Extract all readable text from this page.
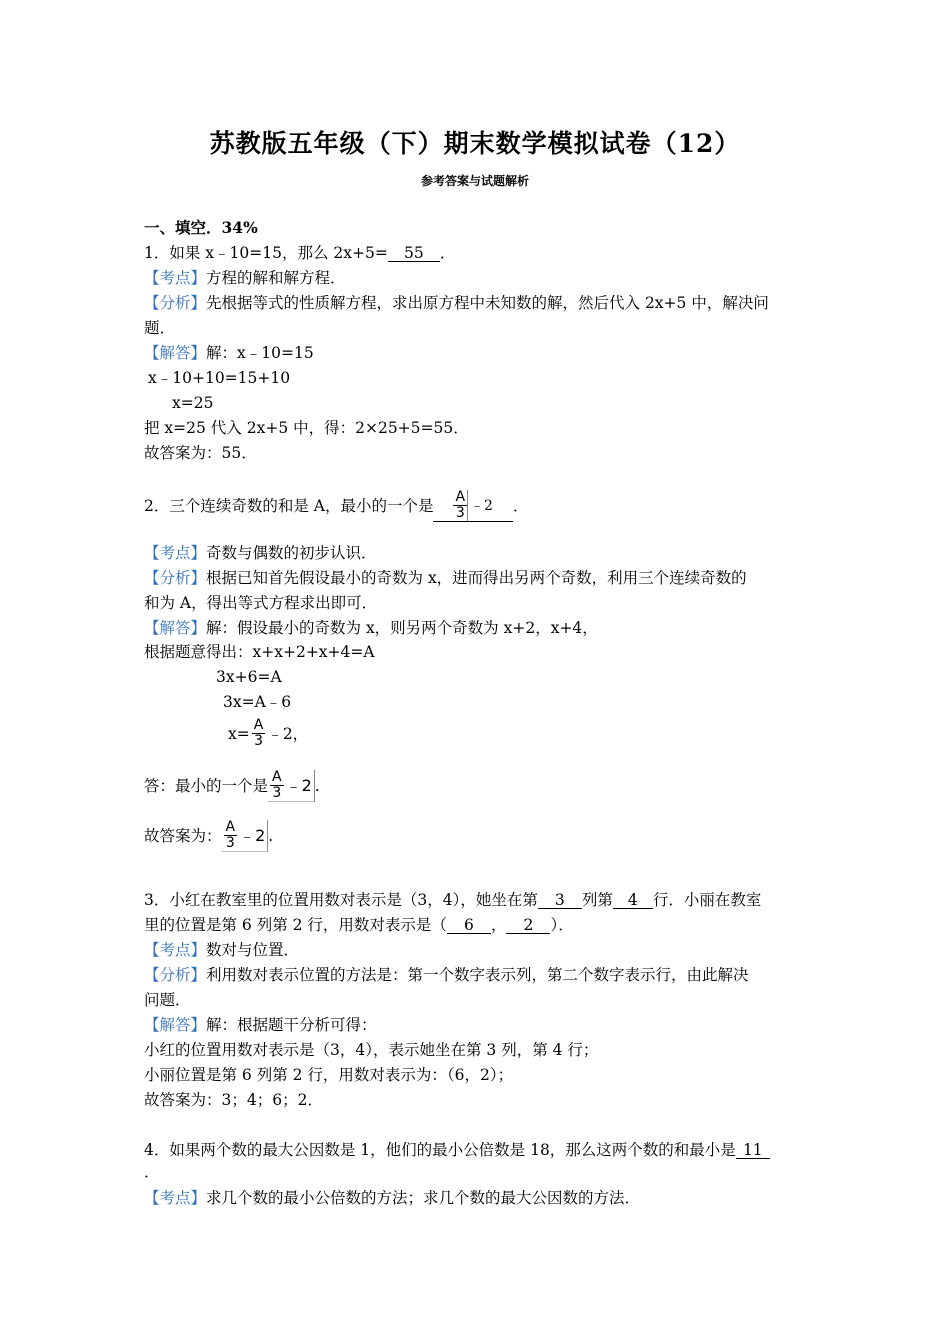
苏教版五年级（下）期末数学模拟试卷（12）
参考答案与试题解析
一、填空．34%
1．如果 x﹣10=15，那么 2x+5= 55 ．
【考点】方程的解和解方程．
【分析】先根据等式的性质解方程，求出原方程中未知数的解，然后代入 2x+5 中，解决问
题．
【解答】解：x﹣10=15
x﹣10+10=15+10
x=25
把 x=25 代入 2x+5 中，得：2×25+5=55．
故答案为：55．
2．三个连续奇数的和是 A，最小的一个是 $\frac{A}{3}$ ﹣2 ．
【考点】奇数与偶数的初步认识．
【分析】根据已知首先假设最小的奇数为 x，进而得出另两个奇数，利用三个连续奇数的
和为 A，得出等式方程求出即可．
【解答】解：假设最小的奇数为 x，则另两个奇数为 x+2，x+4，
根据题意得出：x+x+2+x+4=A
3x+6=A
3x=A﹣6
$x= \frac{A}{3}$ ﹣2，
答：最小的一个是 $\frac{A}{3}$ ﹣2 .
故答案为： $\frac{A}{3}$ ﹣2 .
3．小红在教室里的位置用数对表示是（3，4），她坐在第 3 列第 4 行．小丽在教室
里的位置是第 6 列第 2 行，用数对表示是（ 6 ， 2 ）．
【考点】数对与位置．
【分析】利用数对表示位置的方法是：第一个数字表示列，第二个数字表示行，由此解决
问题．
【解答】解：根据题干分析可得：
小红的位置用数对表示是（3，4），表示她坐在第 3 列，第 4 行；
小丽位置是第 6 列第 2 行，用数对表示为：（6，2）；
故答案为：3；4；6；2．
4．如果两个数的最大公因数是 1，他们的最小公倍数是 18，那么这两个数的和最小是 11
．
【考点】求几个数的最小公倍数的方法；求几个数的最大公因数的方法．
